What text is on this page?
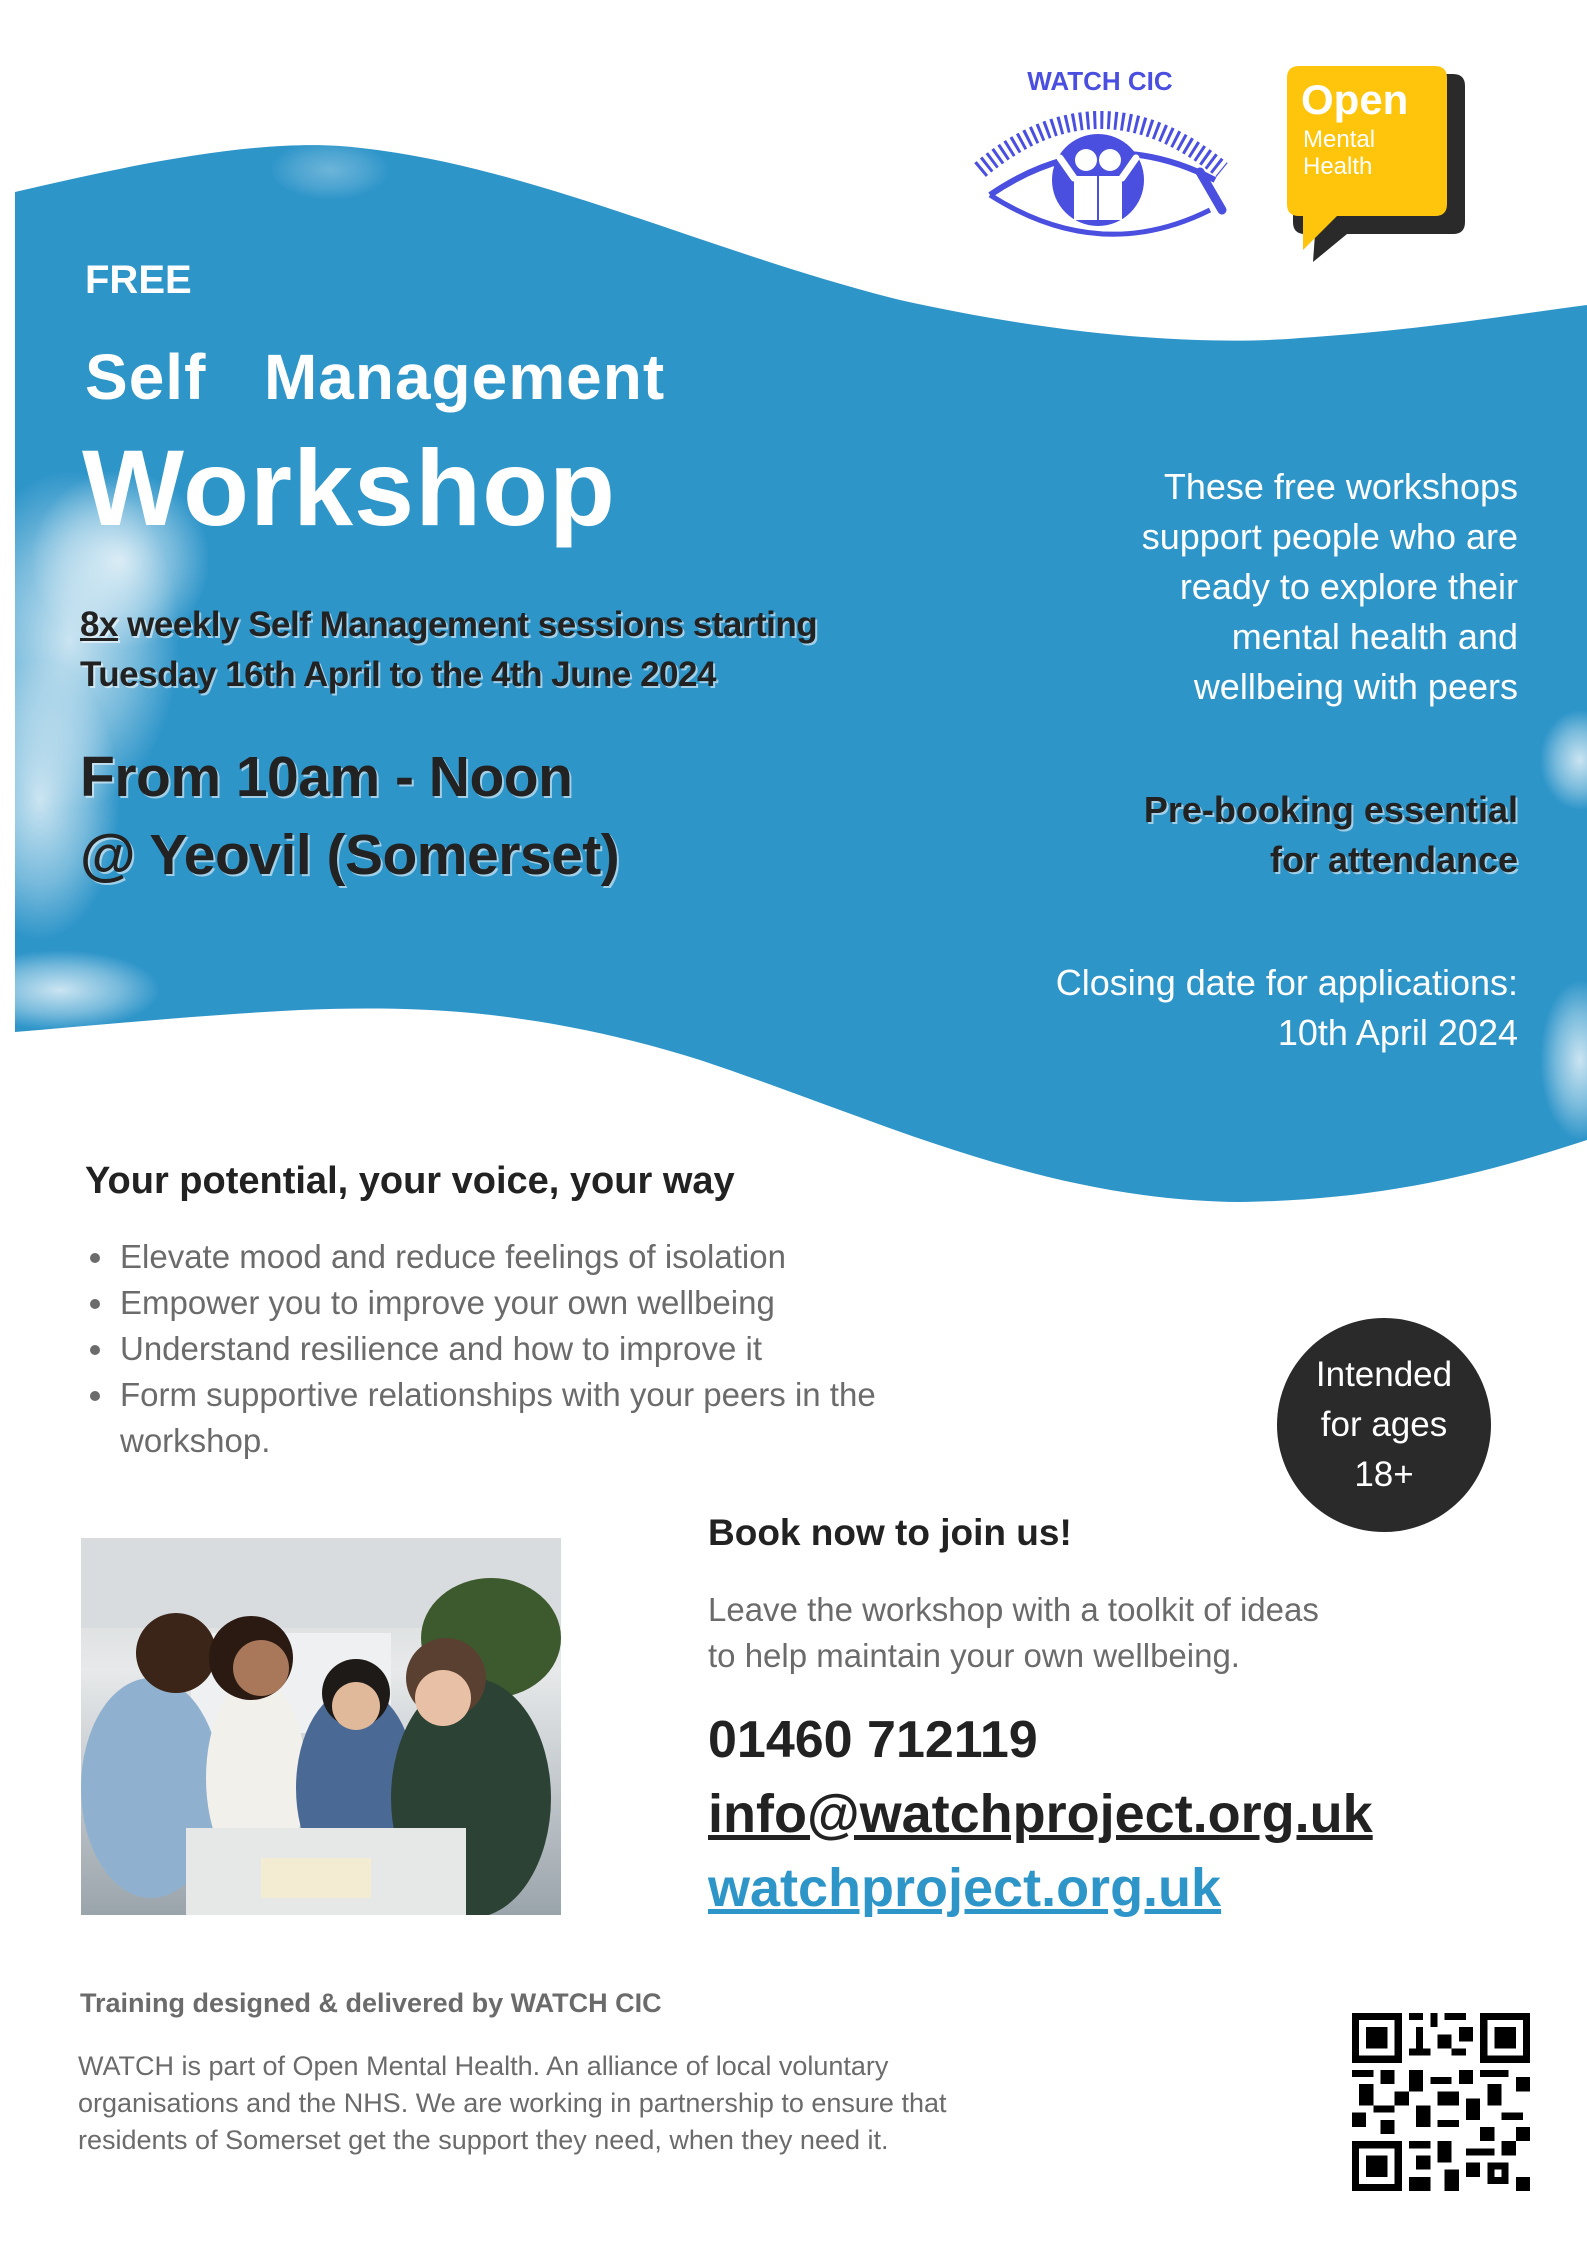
WATCH CIC	Open
Mental
Health
FREE
Self  Management
Workshop
8x weekly Self Management sessions starting
Tuesday 16th April to the 4th June 2024
From 10am - Noon
@ Yeovil (Somerset)
These free workshops
support people who are
ready to explore their
mental health and
wellbeing with peers
Pre-booking essential
for attendance
Closing date for applications:
10th April 2024
Your potential, your voice, your way
Elevate mood and reduce feelings of isolation
Empower you to improve your own wellbeing
Understand resilience and how to improve it
Form supportive relationships with your peers in the workshop.
Intended
for ages
18+
Book now to join us!
Leave the workshop with a toolkit of ideas
to help maintain your own wellbeing.
01460 712119
info@watchproject.org.uk
watchproject.org.uk
Training designed & delivered by WATCH CIC
WATCH is part of Open Mental Health. An alliance of local voluntary
organisations and the NHS. We are working in partnership to ensure that
residents of Somerset get the support they need, when they need it.
